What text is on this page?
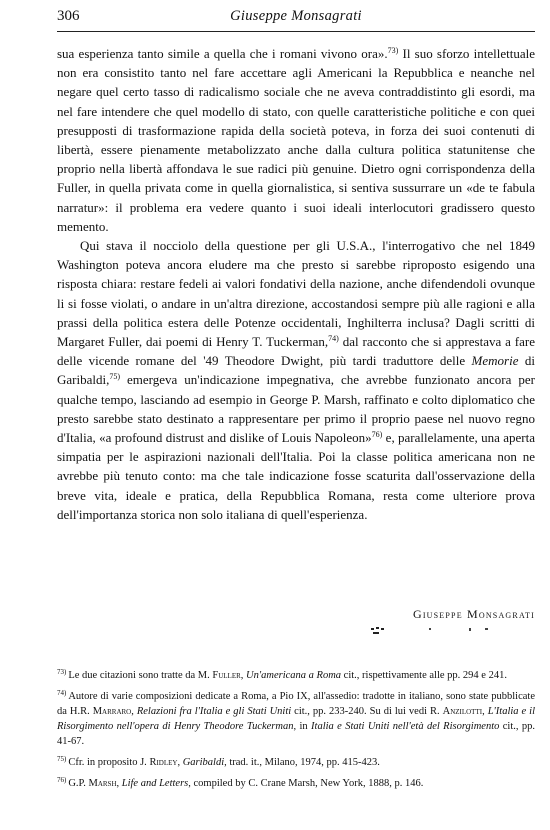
306	Giuseppe Monsagrati

sua esperienza tanto simile a quella che i romani vivono ora».$^{73)}$ Il suo sforzo intellettuale non era consistito tanto nel fare accettare agli Americani la Repubblica e neanche nel negare quel certo tasso di radicalismo sociale che ne aveva contraddistinto gli esordi, ma nel fare intendere che quel modello di stato, con quelle caratteristiche politiche e con quei presupposti di trasformazione rapida della società poteva, in forza dei suoi contenuti di libertà, essere pienamente metabolizzato anche dalla cultura politica statunitense che proprio nella libertà affondava le sue radici più genuine. Dietro ogni corrispondenza della Fuller, in quella privata come in quella giornalistica, si sentiva sussurrare un «de te fabula narratur»: il problema era vedere quanto i suoi ideali interlocutori gradissero questo memento.

Qui stava il nocciolo della questione per gli U.S.A., l'interrogativo che nel 1849 Washington poteva ancora eludere ma che presto si sarebbe riproposto esigendo una risposta chiara: restare fedeli ai valori fondativi della nazione, anche difendendoli ovunque li si fosse violati, o andare in un'altra direzione, accostandosi sempre più alle ragioni e alla prassi della politica estera delle Potenze occidentali, Inghilterra inclusa? Dagli scritti di Margaret Fuller, dai poemi di Henry T. Tuckerman,$^{74)}$ dal racconto che si apprestava a fare delle vicende romane del '49 Theodore Dwight, più tardi traduttore delle Memorie di Garibaldi,$^{75)}$ emergeva un'indicazione impegnativa, che avrebbe funzionato ancora per qualche tempo, lasciando ad esempio in George P. Marsh, raffinato e colto diplomatico che presto sarebbe stato destinato a rappresentare per primo il proprio paese nel nuovo regno d'Italia, «a profound distrust and dislike of Louis Napoleon»$^{76)}$ e, parallelamente, una aperta simpatia per le aspirazioni nazionali dell'Italia. Poi la classe politica americana non ne avrebbe più tenuto conto: ma che tale indicazione fosse scaturita dall'osservazione della breve vita, ideale e pratica, della Repubblica Romana, resta come ulteriore prova dell'importanza storica non solo italiana di quell'esperienza.

Giuseppe Monsagrati

$^{73)}$ Le due citazioni sono tratte da M. Fuller, Un'americana a Roma cit., rispettivamente alle pp. 294 e 241.

$^{74)}$ Autore di varie composizioni dedicate a Roma, a Pio IX, all'assedio: tradotte in italiano, sono state pubblicate da H.R. Marraro, Relazioni fra l'Italia e gli Stati Uniti cit., pp. 233-240. Su di lui vedi R. Anzilotti, L'Italia e il Risorgimento nell'opera di Henry Theodore Tuckerman, in Italia e Stati Uniti nell'età del Risorgimento cit., pp. 41-67.

$^{75)}$ Cfr. in proposito J. Ridley, Garibaldi, trad. it., Milano, 1974, pp. 415-423.

$^{76)}$ G.P. Marsh, Life and Letters, compiled by C. Crane Marsh, New York, 1888, p. 146.
